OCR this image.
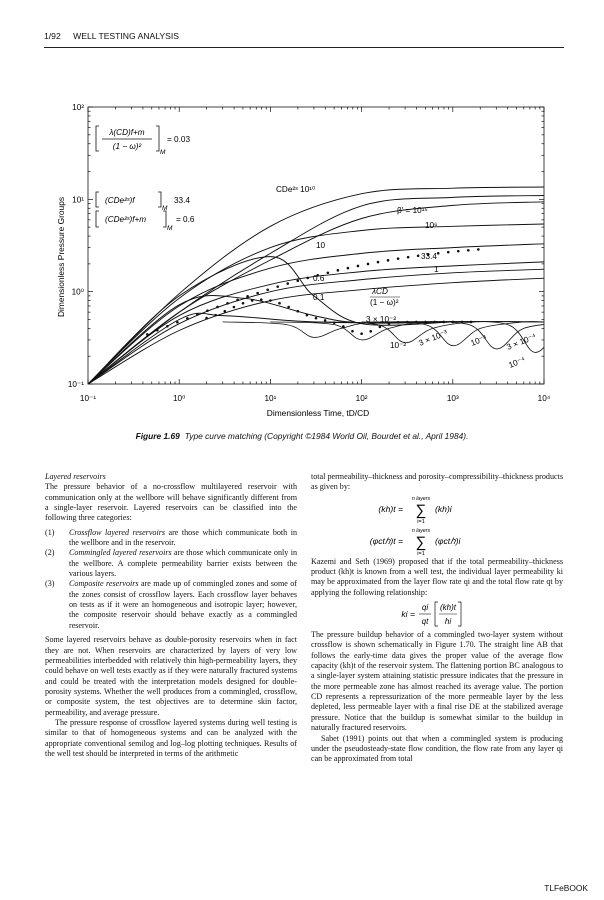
1/92 WELL TESTING ANALYSIS
10⁻¹	10⁰	10¹	10²	10³	10⁴
10⁻¹
10⁰
10¹
10²
Dimensionless Time, tD/CD
Dimensionless Pressure Groups
λ(CD)f+m
(1 − ω)²
M
= 0.03
(CDe²ˢ)f
M
33.4
(CDe²ˢ)f+m
M
= 0.6
CDe²ˢ 10¹⁰
10
0.6
0.1
β' = 10¹⁵
10⁶
33.4
1
λCD
(1 − ω)²
3 × 10⁻²
10⁻² 3 × 10⁻³	10⁻³ 3 × 10⁻⁴
10⁻⁴
Figure 1.69 Type curve matching (Copyright ©1984 World Oil, Bourdet et al., April 1984).

Layered reservoirs

The pressure behavior of a no-crossflow multilayered reservoir with communication only at the wellbore will behave significantly different from a single-layer reservoir. Layered reservoirs can be classified into the following three categories:

(1) Crossflow layered reservoirs are those which communicate both in the wellbore and in the reservoir.

(2) Commingled layered reservoirs are those which communicate only in the wellbore. A complete permeability barrier exists between the various layers.

(3) Composite reservoirs are made up of commingled zones and some of the zones consist of crossflow layers. Each crossflow layer behaves on tests as if it were an homogeneous and isotropic layer; however, the composite reservoir should behave exactly as a commingled reservoir.

Some layered reservoirs behave as double-porosity reservoirs when in fact they are not. When reservoirs are characterized by layers of very low permeabilities interbedded with relatively thin high-permeability layers, they could behave on well tests exactly as if they were naturally fractured systems and could be treated with the interpretation models designed for double-porosity systems. Whether the well produces from a commingled, crossflow, or composite system, the test objectives are to determine skin factor, permeability, and average pressure.

The pressure response of crossflow layered systems during well testing is similar to that of homogeneous systems and can be analyzed with the appropriate conventional semilog and log–log plotting techniques. Results of the well test should be interpreted in terms of the arithmetic

total permeability–thickness and porosity–compressibility–thickness products as given by:

(kh)t =
n layers
∑
i=1
(kh)i
(φctℎ)t =
n layers
∑
i=1
(φctℎ)i

Kazemi and Seth (1969) proposed that if the total permeability–thickness product (kh)t is known from a well test, the individual layer permeability ki may be approximated from the layer flow rate qi and the total flow rate qt by applying the following relationship:

ki =
qi
qt
(kh)t
hi

The pressure buildup behavior of a commingled two-layer system without crossflow is shown schematically in Figure 1.70. The straight line AB that follows the early-time data gives the proper value of the average flow capacity (kh)t of the reservoir system. The flattening portion BC analogous to a single-layer system attaining statistic pressure indicates that the pressure in the more permeable zone has almost reached its average value. The portion CD represents a repressurization of the more permeable layer by the less depleted, less permeable layer with a final rise DE at the stabilized average pressure. Notice that the buildup is somewhat similar to the buildup in naturally fractured reservoirs.

Sabet (1991) points out that when a commingled system is producing under the pseudosteady-state flow condition, the flow rate from any layer qi can be approximated from total

TLFeBOOK
